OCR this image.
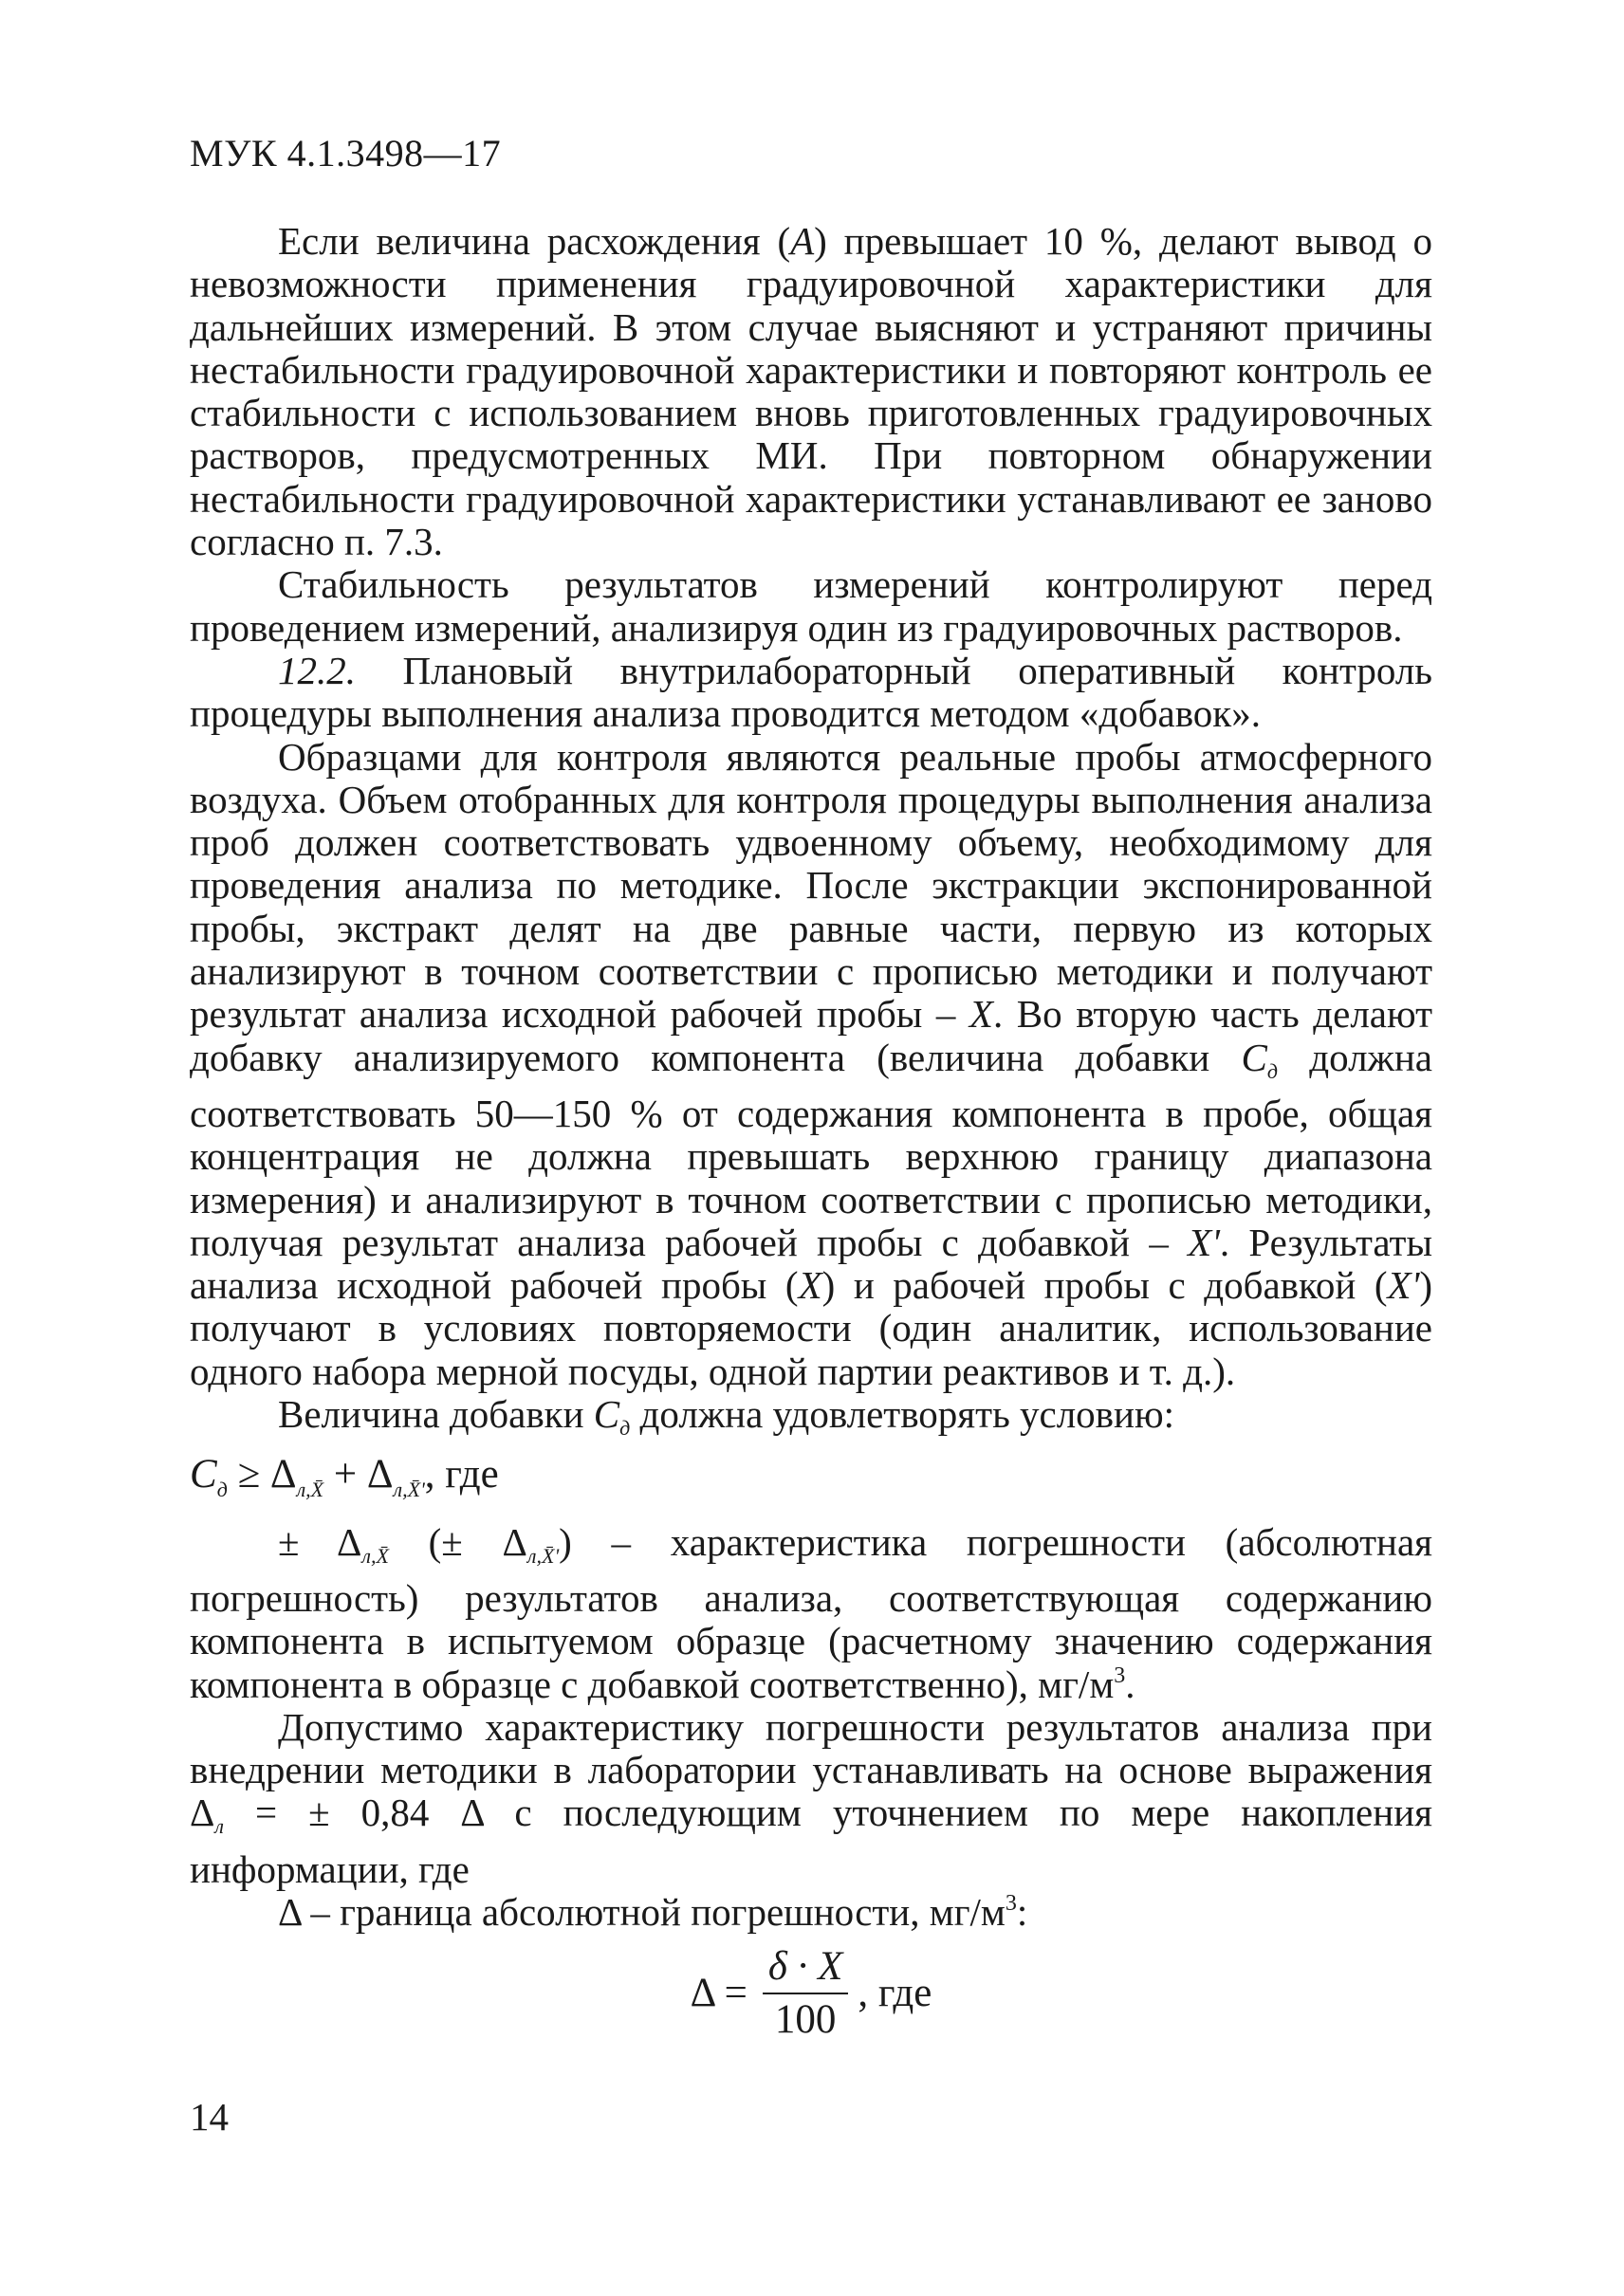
МУК 4.1.3498—17

Если величина расхождения (A) превышает 10 %, делают вывод о невозможности применения градуировочной характеристики для дальнейших измерений. В этом случае выясняют и устраняют причины нестабильности градуировочной характеристики и повторяют контроль ее стабильности с использованием вновь приготовленных градуировочных растворов, предусмотренных МИ. При повторном обнаружении нестабильности градуировочной характеристики устанавливают ее заново согласно п. 7.3.

Стабильность результатов измерений контролируют перед проведением измерений, анализируя один из градуировочных растворов.

12.2. Плановый внутрилабораторный оперативный контроль процедуры выполнения анализа проводится методом «добавок».

Образцами для контроля являются реальные пробы атмосферного воздуха. Объем отобранных для контроля процедуры выполнения анализа проб должен соответствовать удвоенному объему, необходимому для проведения анализа по методике. После экстракции экспонированной пробы, экстракт делят на две равные части, первую из которых анализируют в точном соответствии с прописью методики и получают результат анализа исходной рабочей пробы – X. Во вторую часть делают добавку анализируемого компонента (величина добавки Cд должна соответствовать 50—150 % от содержания компонента в пробе, общая концентрация не должна превышать верхнюю границу диапазона измерения) и анализируют в точном соответствии с прописью методики, получая результат анализа рабочей пробы с добавкой – X'. Результаты анализа исходной рабочей пробы (X) и рабочей пробы с добавкой (X') получают в условиях повторяемости (один аналитик, использование одного набора мерной посуды, одной партии реактивов и т. д.).

Величина добавки Cд должна удовлетворять условию:

$C_д \ge \Delta_{л,X̄} + \Delta_{л,X̄'}$, где

± Δл,X̄ (± Δл,X̄') – характеристика погрешности (абсолютная погрешность) результатов анализа, соответствующая содержанию компонента в испытуемом образце (расчетному значению содержания компонента в образце с добавкой соответственно), $мг/м^3$.

Допустимо характеристику погрешности результатов анализа при внедрении методики в лаборатории устанавливать на основе выражения Δл = ± 0,84 Δ с последующим уточнением по мере накопления информации, где

Δ – граница абсолютной погрешности, $мг/м^3$:

$\Delta = \frac{\delta \cdot X}{100}$ , где

14
